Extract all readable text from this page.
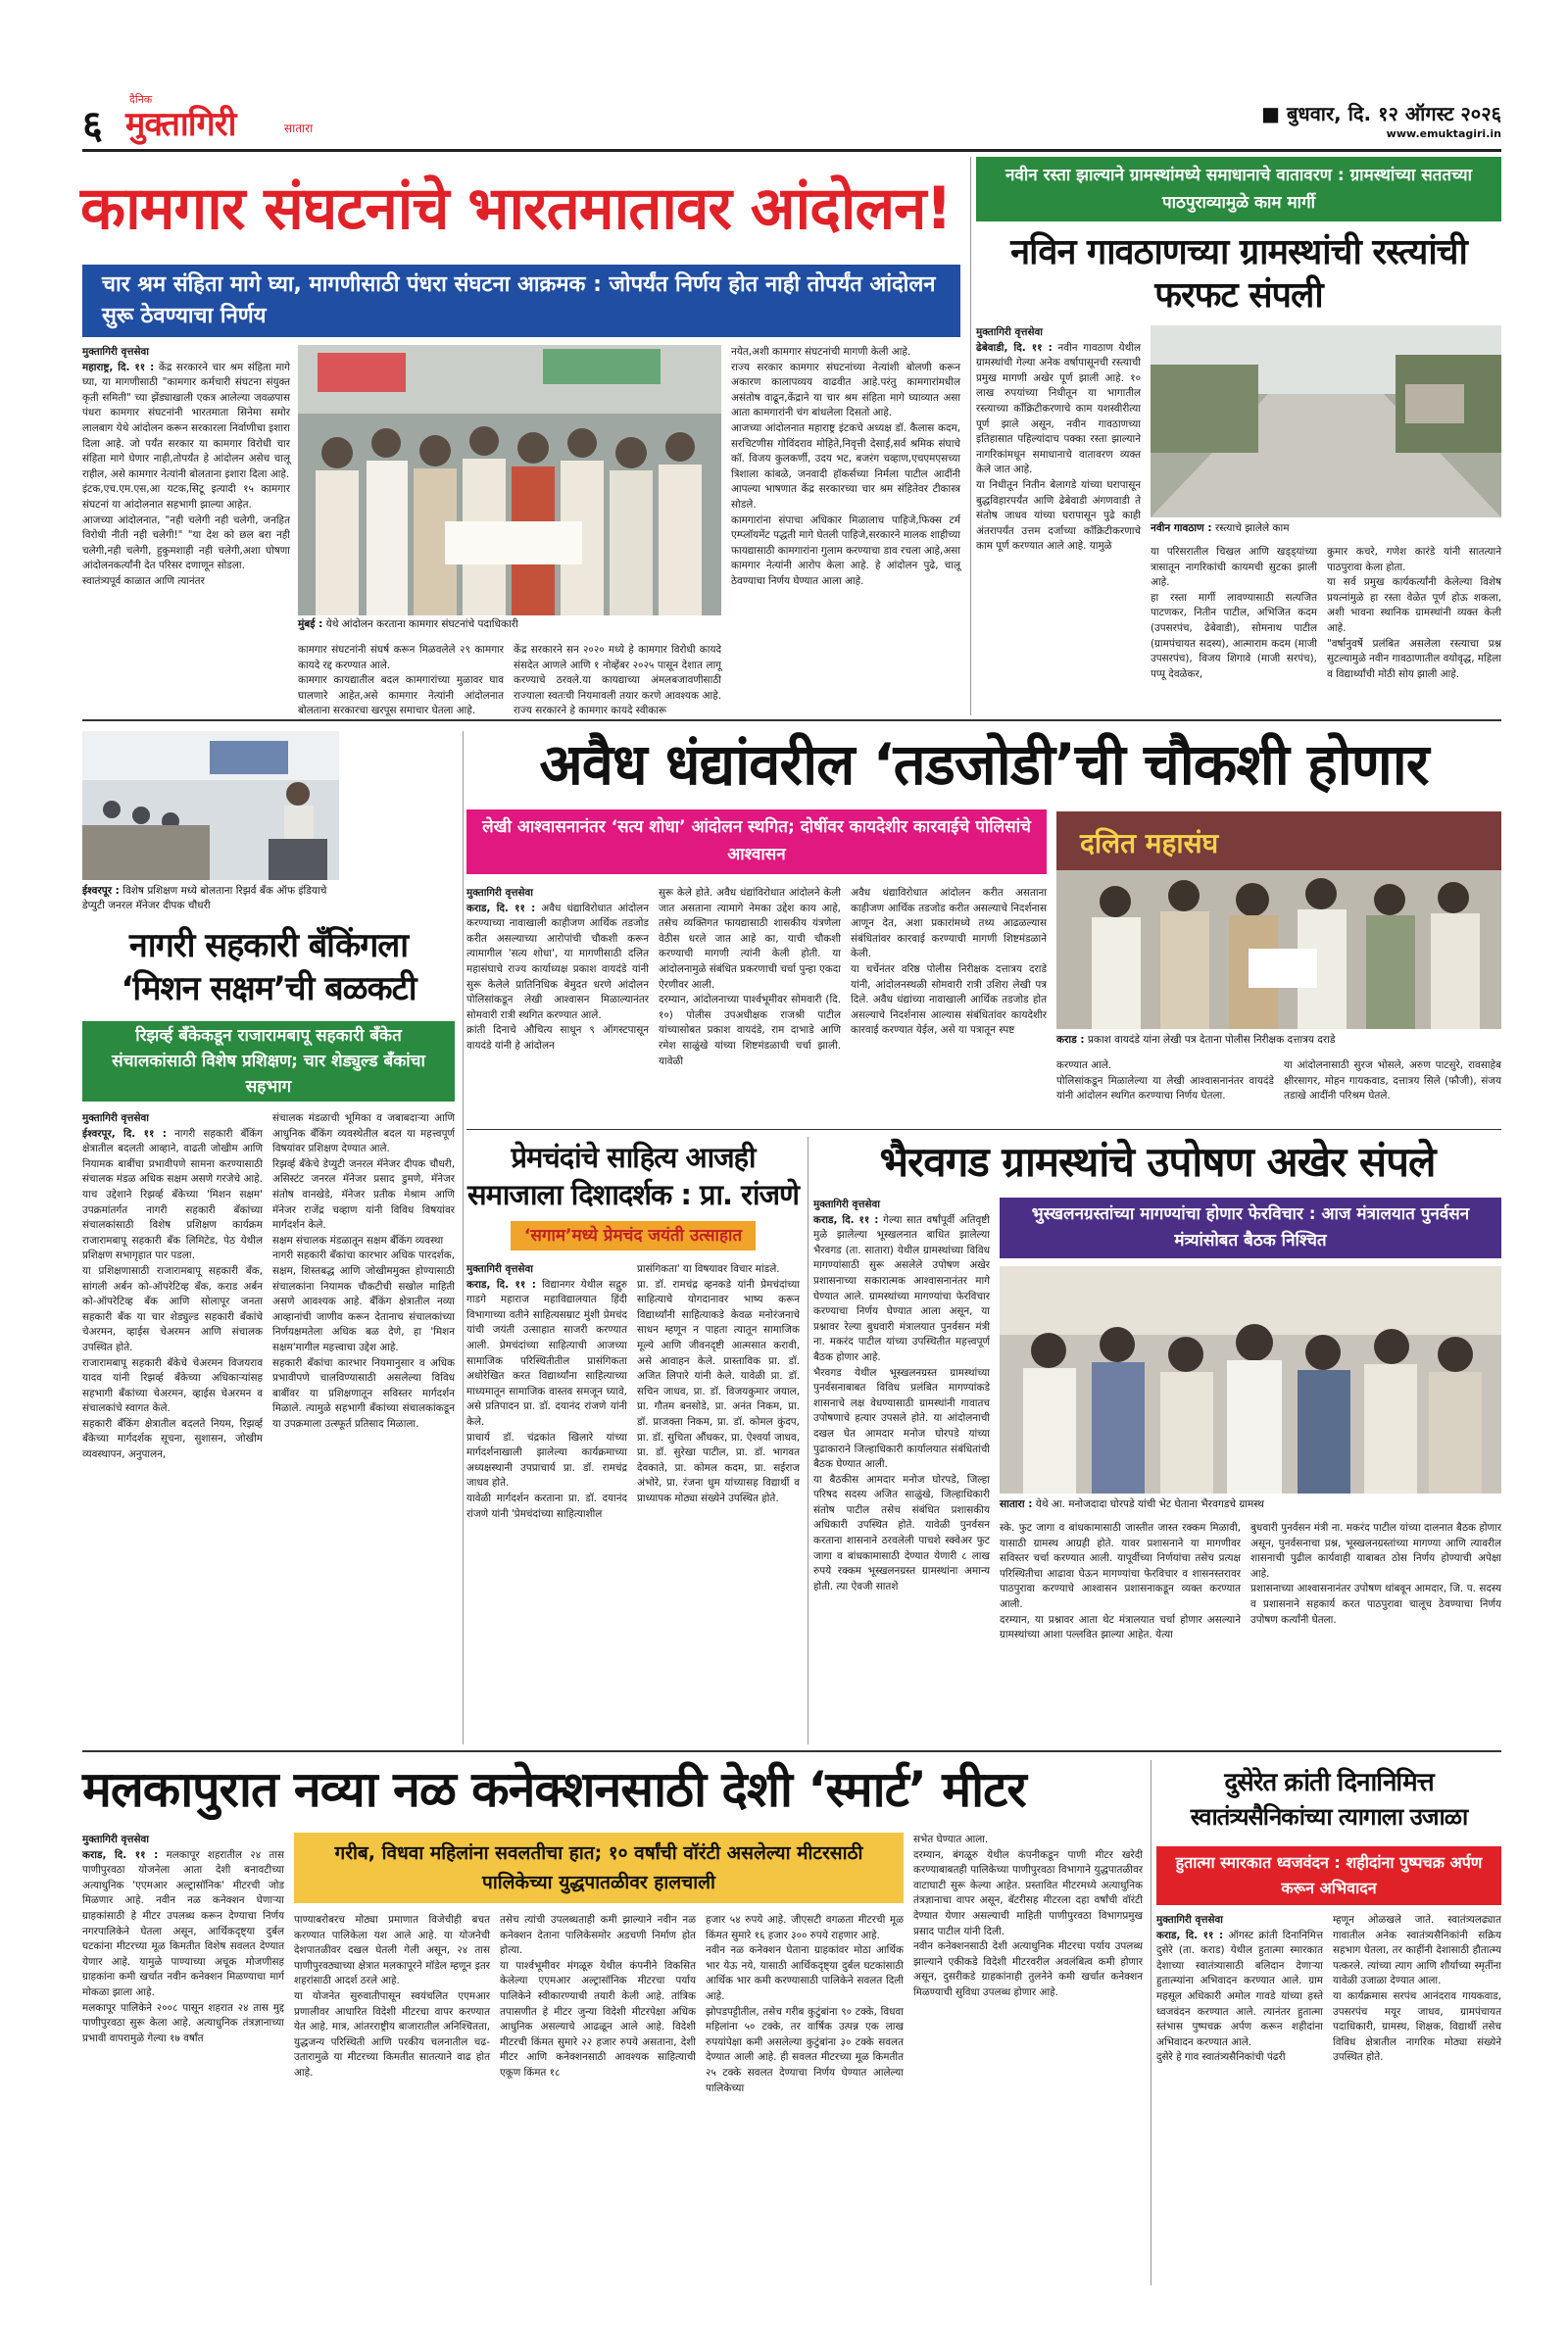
६
दैनिक
मुक्तागिरी	सातारा
■ बुधवार, दि. १२ ऑगस्ट २०२६
www.emuktagiri.in
कामगार संघटनांचे भारतमातावर आंदोलन!
चार श्रम संहिता मागे घ्या, मागणीसाठी पंधरा संघटना आक्रमक : जोपर्यंत निर्णय होत नाही तोपर्यंत आंदोलन सुरू ठेवण्याचा निर्णय
मुक्तागिरी वृत्तसेवा
महाराष्ट्र, दि. ११ : केंद्र सरकारने चार श्रम संहिता मागे घ्या, या मागणीसाठी "कामगार कर्मचारी संघटना संयुक्त कृती समिती" च्या झेंड्याखाली एकत्र आलेल्या जवळपास पंधरा कामगार संघटनांनी भारतमाता सिनेमा समोर लालबाग येथे आंदोलन करून सरकारला निर्वाणीचा इशारा दिला आहे. जो पर्यंत सरकार या कामगार विरोधी चार संहिता मागे घेणार नाही,तोपर्यंत हे आंदोलन असेच चालू राहील, असे कामगार नेत्यांनी बोलताना इशारा दिला आहे.
इंटक,एच.एम.एस,आ यटक,सिटू इत्यादी १५ कामगार संघटनां या आंदोलनात सहभागी झाल्या आहेत.
आजच्या आंदोलनात, "नही चलेगी नही चलेगी, जनहित विरोधी नीती नही चलेगी!" "या देश को छल बरा नही चलेगी,नही चलेगी, हुकुमशाही नही चलेगी,अशा घोषणा आंदोलनकर्त्यांनी देत परिसर दणाणून सोडला.
स्वातंत्र्यपूर्व काळात आणि त्यानंतर
मुंबई : येथे आंदोलन करताना कामगार संघटनांचे पदाधिकारी
कामगार संघटनांनी संघर्ष करून मिळवलेले २९ कामगार कायदे रद्द करण्यात आले.
कामगार कायद्यातील बदल कामगारांच्या मुळावर घाव घालणारे आहेत,असे कामगार नेत्यांनी आंदोलनात बोलताना सरकारचा खरपूस समाचार घेतला आहे.
केंद्र सरकारने सन २०२० मध्ये हे कामगार विरोधी कायदे संसदेत आणले आणि १ नोव्हेंबर २०२५ पासून देशात लागू करण्याचे ठरवले.या कायद्याच्या अंमलबजावणीसाठी राज्याला स्वतःची नियमावली तयार करणे आवश्यक आहे. राज्य सरकारने हे कामगार कायदे स्वीकारू
नयेत,अशी कामगार संघटनांची मागणी केली आहे.
राज्य सरकार कामगार संघटनांच्या नेत्यांशी बोलणी करून अकारण कालापव्यय वाढवीत आहे.परंतु कामगारांमधील असंतोष वाढून,केंद्राने या चार श्रम संहिता मागे घ्याव्यात असा आता कामगारांनी चंग बांधलेला दिसतो आहे.
आजच्या आंदोलनात महाराष्ट्र इंटकचे अध्यक्ष डॉ. कैलास कदम, सरचिटणीस गोविंदराव मोहिते,निवृत्ती देसाई,सर्व श्रमिक संघाचे कॉ. विजय कुलकर्णी, उदय भट, बजरंग चव्हाण,एचएमएसच्या त्रिशाला कांबळे, जनवादी हॉकर्सच्या निर्मला पाटील आदींनी आपल्या भाषणात केंद्र सरकारच्या चार श्रम संहितेवर टीकास्त्र सोडले.
कामगारांना संपाचा अधिकार मिळालाच पाहिजे,फिक्स टर्म एम्प्लॉयमेंट पद्धती मागे घेतली पाहिजे,सरकारने मालक शाहीच्या फायद्यासाठी कामगारांना गुलाम करण्याचा डाव रचला आहे,असा कामगार नेत्यांनी आरोप केला आहे. हे आंदोलन पुढे, चालू ठेवण्याचा निर्णय घेण्यात आला आहे.
नवीन रस्ता झाल्याने ग्रामस्थांमध्ये समाधानाचे वातावरण : ग्रामस्थांच्या सततच्या पाठपुराव्यामुळे काम मार्गी
नविन गावठाणच्या ग्रामस्थांची रस्त्यांची फरफट संपली
मुक्तागिरी वृत्तसेवा
ढेबेवाडी, दि. ११ : नवीन गावठाण येथील ग्रामस्थांची गेल्या अनेक वर्षापासूनची रस्त्याची प्रमुख मागणी अखेर पूर्ण झाली आहे. १० लाख रुपयांच्या निधीतून या भागातील रस्त्याच्या काँक्रिटीकरणाचे काम यशस्वीरीत्या पूर्ण झाले असून, नवीन गावठाणच्या इतिहासात पहिल्यांदाच पक्का रस्ता झाल्याने नागरिकांमधून समाधानाचे वातावरण व्यक्त केले जात आहे.
या निधीतून नितीन बेलागडे यांच्या घरापासून बुद्धविहारपर्यंत आणि ढेबेवाडी अंगणवाडी ते संतोष जाधव यांच्या घरापासून पुढे काही अंतरापर्यंत उत्तम दर्जाच्या काँक्रिटीकरणाचे काम पूर्ण करण्यात आले आहे. यामुळे
नवीन गावठाण : रस्त्याचे झालेले काम
या परिसरातील चिखल आणि खड्ड्यांच्या त्रासातून नागरिकांची कायमची सुटका झाली आहे.
हा रस्ता मार्गी लावण्यासाठी सत्यजित पाटणकर, नितीन पाटील, अभिजित कदम (उपसरपंच, ढेबेवाडी), सोमनाथ पाटील (ग्रामपंचायत सदस्य), आत्माराम कदम (माजी उपसरपंच), विजय शिगावे (माजी सरपंच), पप्पू देवळेकर,
कुमार कचरे, गणेश कारंडे यांनी सातत्याने पाठपुरावा केला होता.
या सर्व प्रमुख कार्यकर्त्यांनी केलेल्या विशेष प्रयत्नांमुळे हा रस्ता वेळेत पूर्ण होऊ शकला, अशी भावना स्थानिक ग्रामस्थांनी व्यक्त केली आहे.
"वर्षानुवर्षे प्रलंबित असलेला रस्त्याचा प्रश्न सुटल्यामुळे नवीन गावठाणातील वयोवृद्ध, महिला व विद्यार्थ्यांची मोठी सोय झाली आहे.
ईश्वरपूर : विशेष प्रशिक्षण मध्ये बोलताना रिझर्व बँक ऑफ इंडियाचे डेप्युटी जनरल मॅनेजर दीपक चौधरी
नागरी सहकारी बँकिंगला
‘मिशन सक्षम’ची बळकटी
रिझर्व्ह बँकेकडून राजारामबापू सहकारी बँकेत संचालकांसाठी विशेष प्रशिक्षण; चार शेड्युल्ड बँकांचा सहभाग
मुक्तागिरी वृत्तसेवा
ईश्वरपूर, दि. ११ : नागरी सहकारी बँकिंग क्षेत्रातील बदलती आव्हाने, वाढती जोखीम आणि नियामक बाबींचा प्रभावीपणे सामना करण्यासाठी संचालक मंडळ अधिक सक्षम असणे गरजेचे आहे. याच उद्देशाने रिझर्व्ह बँकेच्या 'मिशन सक्षम' उपक्रमांतर्गत नागरी सहकारी बँकांच्या संचालकांसाठी विशेष प्रशिक्षण कार्यक्रम राजारामबापू सहकारी बँक लिमिटेड, पेठ येथील प्रशिक्षण सभागृहात पार पडला.
या प्रशिक्षणासाठी राजारामबापू सहकारी बँक, सांगली अर्बन को-ऑपरेटिव्ह बँक, कराड अर्बन को-ऑपरेटिव्ह बँक आणि सोलापूर जनता सहकारी बँक या चार शेड्युल्ड सहकारी बँकांचे चेअरमन, व्हाईस चेअरमन आणि संचालक उपस्थित होते.
राजारामबापू सहकारी बँकेचे चेअरमन विजयराव यादव यांनी रिझर्व्ह बँकेच्या अधिकाऱ्यांसह सहभागी बँकांच्या चेअरमन, व्हाईस चेअरमन व संचालकांचे स्वागत केले.
सहकारी बँकिंग क्षेत्रातील बदलते नियम, रिझर्व्ह बँकेच्या मार्गदर्शक सूचना, सुशासन, जोखीम व्यवस्थापन, अनुपालन,
संचालक मंडळाची भूमिका व जबाबदाऱ्या आणि आधुनिक बँकिंग व्यवस्थेतील बदल या महत्त्वपूर्ण विषयांवर प्रशिक्षण देण्यात आले.
रिझर्व्ह बँकेचे डेप्युटी जनरल मॅनेजर दीपक चौधरी, असिस्टंट जनरल मॅनेजर प्रसाद डुमणे, मॅनेजर संतोष वानखेडे, मॅनेजर प्रतीक मेश्राम आणि मॅनेजर राजेंद्र चव्हाण यांनी विविध विषयांवर मार्गदर्शन केले.
सक्षम संचालक मंडळातून सक्षम बँकिंग व्यवस्था
नागरी सहकारी बँकांचा कारभार अधिक पारदर्शक, सक्षम, शिस्तबद्ध आणि जोखीममुक्त होण्यासाठी संचालकांना नियामक चौकटीची सखोल माहिती असणे आवश्यक आहे. बँकिंग क्षेत्रातील नव्या आव्हानांची जाणीव करून देतानाच संचालकांच्या निर्णयक्षमतेला अधिक बळ देणे, हा 'मिशन सक्षम'मागील महत्त्वाचा उद्देश आहे.
सहकारी बँकांचा कारभार नियमानुसार व अधिक प्रभावीपणे चालविण्यासाठी असलेल्या विविध बाबींवर या प्रशिक्षणातून सविस्तर मार्गदर्शन मिळाले. त्यामुळे सहभागी बँकांच्या संचालकांकडून या उपक्रमाला उत्स्फूर्त प्रतिसाद मिळाला.
अवैध धंद्यांवरील ‘तडजोडी’ची चौकशी होणार
लेखी आश्वासनानंतर ‘सत्य शोधा’ आंदोलन स्थगित; दोषींवर कायदेशीर कारवाईचे पोलिसांचे आश्वासन
मुक्तागिरी वृत्तसेवा
कराड, दि. ११ : अवैध धंद्याविरोधात आंदोलन करण्याच्या नावाखाली काहीजण आर्थिक तडजोड करीत असल्याच्या आरोपांची चौकशी करून त्यामागील 'सत्य शोधा', या मागणीसाठी दलित महासंघाचे राज्य कार्याध्यक्ष प्रकाश वायदंडे यांनी सुरू केलेले प्रातिनिधिक बेमुदत धरणे आंदोलन पोलिसांकडून लेखी आश्वासन मिळाल्यानंतर सोमवारी रात्री स्थगित करण्यात आले.
क्रांती दिनाचे औचित्य साधून ९ ऑगस्टपासून वायदंडे यांनी हे आंदोलन
सुरू केले होते. अवैध धंद्यांविरोधात आंदोलने केली जात असताना त्यामागे नेमका उद्देश काय आहे, तसेच व्यक्तिगत फायद्यासाठी शासकीय यंत्रणेला वेठीस धरले जात आहे का, याची चौकशी करण्याची मागणी त्यांनी केली होती. या आंदोलनामुळे संबंधित प्रकरणाची चर्चा पुन्हा एकदा ऐरणीवर आली.
दरम्यान, आंदोलनाच्या पार्श्वभूमीवर सोमवारी (दि. १०) पोलीस उपअधीक्षक राजश्री पाटील यांच्यासोबत प्रकाश वायदंडे, राम दाभाडे आणि रमेश साळुंखे यांच्या शिष्टमंडळाची चर्चा झाली. यावेळी
अवैध धंद्याविरोधात आंदोलन करीत असताना काहीजण आर्थिक तडजोड करीत असल्याचे निदर्शनास आणून देत, अशा प्रकारांमध्ये तथ्य आढळल्यास संबंधितांवर कारवाई करण्याची मागणी शिष्टमंडळाने केली.
या चर्चेनंतर वरिष्ठ पोलीस निरीक्षक दत्तात्रय दराडे यांनी, आंदोलनस्थळी सोमवारी रात्री उशिरा लेखी पत्र दिले. अवैध धंद्यांच्या नावाखाली आर्थिक तडजोड होत असल्याचे निदर्शनास आल्यास संबंधितांवर कायदेशीर कारवाई करण्यात येईल, असे या पत्रातून स्पष्ट
दलित महासंघ
कराड : प्रकाश वायदंडे यांना लेखी पत्र देताना पोलीस निरीक्षक दत्तात्रय दराडे
करण्यात आले.
पोलिसांकडून मिळालेल्या या लेखी आश्वासनानंतर वायदंडे यांनी आंदोलन स्थगित करण्याचा निर्णय घेतला.
या आंदोलनासाठी सुरज भोसले, अरुण पाटसुरे, रावसाहेब क्षीरसागर, मोहन गायकवाड, दत्तात्रय सिले (फौजी), संजय तडाखे आदींनी परिश्रम घेतले.
प्रेमचंदांचे साहित्य आजही
समाजाला दिशादर्शक : प्रा. रांजणे
‘सगाम’मध्ये प्रेमचंद जयंती उत्साहात
मुक्तागिरी वृत्तसेवा
कराड, दि. ११ : विद्यानगर येथील सद्गुरु गाडगे महाराज महाविद्यालयात हिंदी विभागाच्या वतीने साहित्यसम्राट मुंशी प्रेमचंद यांची जयंती उत्साहात साजरी करण्यात आली. प्रेमचंदांच्या साहित्याची आजच्या सामाजिक परिस्थितीतील प्रासंगिकता अधोरेखित करत विद्यार्थ्यांना साहित्याच्या माध्यमातून सामाजिक वास्तव समजून घ्यावे, असे प्रतिपादन प्रा. डॉ. दयानंद रांजणे यांनी केले.
प्राचार्य डॉ. चंद्रकांत खिलारे यांच्या मार्गदर्शनाखाली झालेल्या कार्यक्रमाच्या अध्यक्षस्थानी उपप्राचार्य प्रा. डॉ. रामचंद्र जाधव होते.
यावेळी मार्गदर्शन करताना प्रा. डॉ. दयानंद रांजणे यांनी 'प्रेमचंदांच्या साहित्याशील
प्रासंगिकता' या विषयावर विचार मांडले.
प्रा. डॉ. रामचंद्र व्हनकडे यांनी प्रेमचंदांच्या साहित्याचे योगदानावर भाष्य करून विद्यार्थ्यांनी साहित्याकडे केवळ मनोरंजनाचे साधन म्हणून न पाहता त्यातून सामाजिक मूल्ये आणि जीवनदृष्टी आत्मसात करावी, असे आवाहन केले. प्रास्ताविक प्रा. डॉ. अजित लिपारे यांनी केले. यावेळी प्रा. डॉ. सचिन जाधव, प्रा. डॉ. विजयकुमार जयाल, प्रा. गौतम बनसोडे, प्रा. अनंत निकम, प्रा. डॉ. प्राजक्ता निकम, प्रा. डॉ. कोमल कुंदप, प्रा. डॉ. सुचिता औंधकर, प्रा. ऐश्वर्या जाधव, प्रा. डॉ. सुरेखा पाटील, प्रा. डॉ. भागवत देवकाते, प्रा. कोमल कदम, प्रा. सईराज अंभोरे, प्रा. रंजना धुम यांच्यासह विद्यार्थी व प्राध्यापक मोठ्या संख्येने उपस्थित होते.
भैरवगड ग्रामस्थांचे उपोषण अखेर संपले
मुक्तागिरी वृत्तसेवा
कराड, दि. ११ : गेल्या सात वर्षांपूर्वी अतिवृष्टी मुळे झालेल्या भूस्खलनात बाधित झालेल्या भैरवगड (ता. सातारा) येथील ग्रामस्थांच्या विविध मागण्यांसाठी सुरू असलेले उपोषण अखेर प्रशासनाच्या सकारात्मक आश्वासनानंतर मागे घेण्यात आले. ग्रामस्थांच्या मागण्यांचा फेरविचार करण्याचा निर्णय घेण्यात आला असून, या प्रश्नावर रेल्या बुधवारी मंत्रालयात पुनर्वसन मंत्री ना. मकरंद पाटील यांच्या उपस्थितीत महत्त्वपूर्ण बैठक होणार आहे.
भैरवगड येथील भूस्खलनग्रस्त ग्रामस्थांच्या पुनर्वसनाबाबत विविध प्रलंबित मागण्यांकडे शासनाचे लक्ष वेधण्यासाठी ग्रामस्थांनी गावातच उपोषणाचे हत्यार उपसले होते. या आंदोलनाची दखल घेत आमदार मनोज घोरपडे यांच्या पुढाकाराने जिल्हाधिकारी कार्यालयात संबंधितांची बैठक घेण्यात आली.
या बैठकीस आमदार मनोज घोरपडे, जिल्हा परिषद सदस्य अजित साळुंखे, जिल्हाधिकारी संतोष पाटील तसेच संबंधित प्रशासकीय अधिकारी उपस्थित होते. यावेळी पुनर्वसन करताना शासनाने ठरवलेली पाचशे स्क्वेअर फुट जागा व बांधकामासाठी देण्यात येणारी ८ लाख रुपये रक्कम भूस्खलनग्रस्त ग्रामस्थांना अमान्य होती. त्या ऐवजी सातशे
भुस्खलनग्रस्तांच्या मागण्यांचा होणार फेरविचार : आज मंत्रालयात पुनर्वसन मंत्र्यांसोबत बैठक निश्चित
सातारा : येथे आ. मनोजदादा घोरपडे यांची भेट घेताना भैरवगडचे ग्रामस्थ
स्के. फुट जागा व बांधकामासाठी जास्तीत जास्त रक्कम मिळावी, यासाठी ग्रामस्थ आग्रही होते. यावर प्रशासनाने या मागणीवर सविस्तर चर्चा करण्यात आली. यापूर्वीच्या निर्णयांचा तसेच प्रत्यक्ष परिस्थितीचा आढावा घेऊन मागण्यांचा फेरविचार व शासनस्तरावर पाठपुरावा करण्याचे आश्वासन प्रशासनाकडून व्यक्त करण्यात आली.
दरम्यान, या प्रश्नावर आता थेट मंत्रालयात चर्चा होणार असल्याने ग्रामस्थांच्या आशा पल्लवित झाल्या आहेत. येत्या
बुधवारी पुनर्वसन मंत्री ना. मकरंद पाटील यांच्या दालनात बैठक होणार असून, पुनर्वसनाचा प्रश्न, भूस्खलनग्रस्तांच्या मागण्या आणि त्यावरील शासनाची पुढील कार्यवाही याबाबत ठोस निर्णय होण्याची अपेक्षा आहे.
प्रशासनाच्या आश्वासनानंतर उपोषण थांबवून आमदार, जि. प. सदस्य व प्रशासनाने सहकार्य करत पाठपुरावा चालूच ठेवण्याचा निर्णय उपोषण कर्त्यांनी घेतला.
मलकापुरात नव्या नळ कनेक्शनसाठी देशी ‘स्मार्ट’ मीटर
मुक्तागिरी वृत्तसेवा
कराड, दि. ११ : मलकापूर शहरातील २४ तास पाणीपुरवठा योजनेला आता देशी बनावटीच्या अत्याधुनिक 'एएमआर अल्ट्रासॉनिक' मीटरची जोड मिळणार आहे. नवीन नळ कनेक्शन घेणाऱ्या ग्राहकांसाठी हे मीटर उपलब्ध करून देण्याचा निर्णय नगरपालिकेने घेतला असून, आर्थिकदृष्ट्या दुर्बल घटकांना मीटरच्या मूळ किमतीत विशेष सवलत देण्यात येणार आहे. यामुळे पाण्याच्या अचूक मोजणीसह ग्राहकांना कमी खर्चात नवीन कनेक्शन मिळण्याचा मार्ग मोकळा झाला आहे.
मलकापूर पालिकेने २००८ पासून शहरात २४ तास मुद्द पाणीपुरवठा सुरू केला आहे. अत्याधुनिक तंत्रज्ञानाच्या प्रभावी वापरामुळे गेल्या १७ वर्षांत
गरीब, विधवा महिलांना सवलतीचा हात; १० वर्षांची वॉरंटी असलेल्या मीटरसाठी पालिकेच्या युद्धपातळीवर हालचाली
पाण्याबरोबरच मोठ्या प्रमाणात विजेचीही बचत करण्यात पालिकेला यश आले आहे. या योजनेची देशपातळीवर दखल घेतली गेली असून, २४ तास पाणीपुरवठ्याच्या क्षेत्रात मलकापूरने मॉडेल म्हणून इतर शहरांसाठी आदर्श ठरले आहे.
या योजनेत सुरुवातीपासून स्वयंचलित एएमआर प्रणालीवर आधारित विदेशी मीटरचा वापर करण्यात येत आहे. मात्र, आंतरराष्ट्रीय बाजारातील अनिश्चितता, युद्धजन्य परिस्थिती आणि परकीय चलनातील चढ-उतारामुळे या मीटरच्या किमतीत सातत्याने वाढ होत आहे.
तसेच त्यांची उपलब्धताही कमी झाल्याने नवीन नळ कनेक्शन देताना पालिकेसमोर अडचणी निर्माण होत होत्या.
या पार्श्वभूमीवर मंगळूरु येथील कंपनीने विकसित केलेल्या एएमआर अल्ट्रासॉनिक मीटरचा पर्याय पालिकेने स्वीकारण्याची तयारी केली आहे. तांत्रिक तपासणीत हे मीटर जुन्या विदेशी मीटरपेक्षा अधिक आधुनिक असल्याचे आढळून आले आहे. विदेशी मीटरची किंमत सुमारे २२ हजार रुपये असताना, देशी मीटर आणि कनेक्शनसाठी आवश्यक साहित्याची एकूण किंमत १८
हजार ५४ रुपये आहे. जीएसटी वगळता मीटरची मूळ किंमत सुमारे १६ हजार ३०० रुपये राहणार आहे.
नवीन नळ कनेक्शन घेताना ग्राहकांवर मोठा आर्थिक भार येऊ नये, यासाठी आर्थिकदृष्ट्या दुर्बल घटकांसाठी आर्थिक भार कमी करण्यासाठी पालिकेने सवलत दिली आहे.
झोपडपट्टीतील, तसेच गरीब कुटुंबांना ९० टक्के, विधवा महिलांना ५० टक्के, तर वार्षिक उत्पन्न एक लाख रुपयांपेक्षा कमी असलेल्या कुटुंबांना ३० टक्के सवलत देण्यात आली आहे. ही सवलत मीटरच्या मूळ किमतीत २५ टक्के सवलत देण्याचा निर्णय घेण्यात आलेल्या पालिकेच्या
सभेत घेण्यात आला.
दरम्यान, बंगळूरु येथील कंपनीकडून पाणी मीटर खरेदी करण्याबाबतही पालिकेच्या पाणीपुरवठा विभागाने युद्धपातळीवर वाटाघाटी सुरू केल्या आहेत. प्रस्तावित मीटरमध्ये अत्याधुनिक तंत्रज्ञानाचा वापर असून, बॅटरीसह मीटरला दहा वर्षांची वॉरंटी देण्यात येणार असल्याची माहिती पाणीपुरवठा विभागप्रमुख प्रसाद पाटील यांनी दिली.
नवीन कनेक्शनसाठी देशी अत्याधुनिक मीटरचा पर्याय उपलब्ध झाल्याने एकीकडे विदेशी मीटरवरील अवलंबित्व कमी होणार असून, दुसरीकडे ग्राहकांनाही तुलनेने कमी खर्चात कनेक्शन मिळण्याची सुविधा उपलब्ध होणार आहे.
दुसेरेत क्रांती दिनानिमित्त
स्वातंत्र्यसैनिकांच्या त्यागाला उजाळा
हुतात्मा स्मारकात ध्वजवंदन : शहीदांना पुष्पचक्र अर्पण करून अभिवादन
मुक्तागिरी वृत्तसेवा
कराड, दि. ११ : ऑगस्ट क्रांती दिनानिमित्त दुसेरे (ता. कराड) येथील हुतात्मा स्मारकात देशाच्या स्वातंत्र्यासाठी बलिदान देणाऱ्या हुतात्म्यांना अभिवादन करण्यात आले. ग्राम महसूल अधिकारी अमोल गावडे यांच्या हस्ते ध्वजवंदन करण्यात आले. त्यानंतर हुतात्मा स्तंभास पुष्पचक्र अर्पण करून शहीदांना अभिवादन करण्यात आले.
दुसेरे हे गाव स्वातंत्र्यसैनिकांची पंढरी
म्हणून ओळखले जाते. स्वातंत्र्यलढ्यात गावातील अनेक स्वातंत्र्यसैनिकांनी सक्रिय सहभाग घेतला, तर काहींनी देशासाठी हौतात्म्य पत्करले. त्यांच्या त्याग आणि शौर्याच्या स्मृतींना यावेळी उजाळा देण्यात आला.
या कार्यक्रमास सरपंच आनंदराव गायकवाड, उपसरपंच मयूर जाधव, ग्रामपंचायत पदाधिकारी, ग्रामस्थ, शिक्षक, विद्यार्थी तसेच विविध क्षेत्रातील नागरिक मोठ्या संख्येने उपस्थित होते.
